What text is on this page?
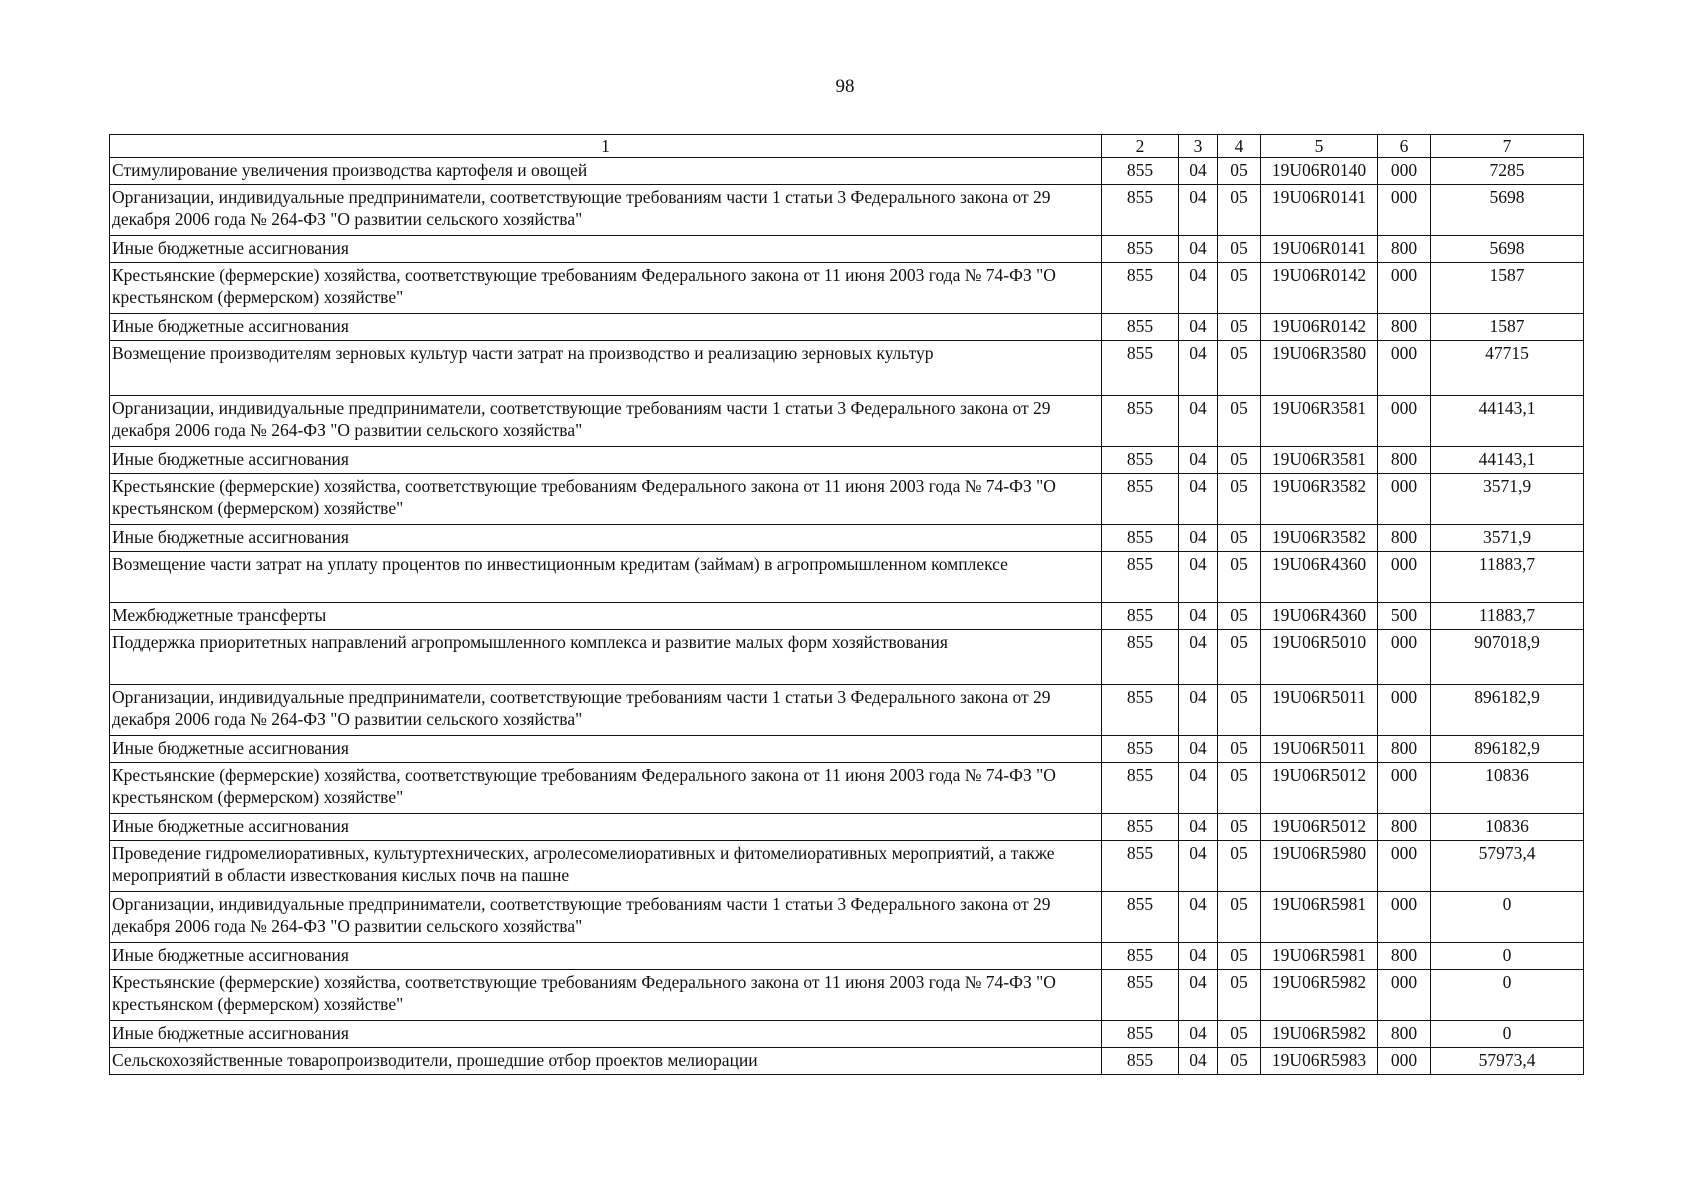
98
1	2	3	4	5	6	7
Стимулирование увеличения производства картофеля и овощей	855	04	05	19U06R0140	000	7285
Организации, индивидуальные предприниматели, соответствующие требованиям части 1 статьи 3 Федерального закона от 29 декабря 2006 года № 264-ФЗ "О развитии сельского хозяйства"	855	04	05	19U06R0141	000	5698
Иные бюджетные ассигнования	855	04	05	19U06R0141	800	5698
Крестьянские (фермерские) хозяйства, соответствующие требованиям Федерального закона от 11 июня 2003 года № 74-ФЗ "О крестьянском (фермерском) хозяйстве"	855	04	05	19U06R0142	000	1587
Иные бюджетные ассигнования	855	04	05	19U06R0142	800	1587
Возмещение производителям зерновых культур части затрат на производство и реализацию зерновых культур	855	04	05	19U06R3580	000	47715
Организации, индивидуальные предприниматели, соответствующие требованиям части 1 статьи 3 Федерального закона от 29 декабря 2006 года № 264-ФЗ "О развитии сельского хозяйства"	855	04	05	19U06R3581	000	44143,1
Иные бюджетные ассигнования	855	04	05	19U06R3581	800	44143,1
Крестьянские (фермерские) хозяйства, соответствующие требованиям Федерального закона от 11 июня 2003 года № 74-ФЗ "О крестьянском (фермерском) хозяйстве"	855	04	05	19U06R3582	000	3571,9
Иные бюджетные ассигнования	855	04	05	19U06R3582	800	3571,9
Возмещение части затрат на уплату процентов по инвестиционным кредитам (займам) в агропромышленном комплексе	855	04	05	19U06R4360	000	11883,7
Межбюджетные трансферты	855	04	05	19U06R4360	500	11883,7
Поддержка приоритетных направлений агропромышленного комплекса и развитие малых форм хозяйствования	855	04	05	19U06R5010	000	907018,9
Организации, индивидуальные предприниматели, соответствующие требованиям части 1 статьи 3 Федерального закона от 29 декабря 2006 года № 264-ФЗ "О развитии сельского хозяйства"	855	04	05	19U06R5011	000	896182,9
Иные бюджетные ассигнования	855	04	05	19U06R5011	800	896182,9
Крестьянские (фермерские) хозяйства, соответствующие требованиям Федерального закона от 11 июня 2003 года № 74-ФЗ "О крестьянском (фермерском) хозяйстве"	855	04	05	19U06R5012	000	10836
Иные бюджетные ассигнования	855	04	05	19U06R5012	800	10836
Проведение гидромелиоративных, культуртехнических, агролесомелиоративных и фитомелиоративных мероприятий, а также мероприятий в области известкования кислых почв на пашне	855	04	05	19U06R5980	000	57973,4
Организации, индивидуальные предприниматели, соответствующие требованиям части 1 статьи 3 Федерального закона от 29 декабря 2006 года № 264-ФЗ "О развитии сельского хозяйства"	855	04	05	19U06R5981	000	0
Иные бюджетные ассигнования	855	04	05	19U06R5981	800	0
Крестьянские (фермерские) хозяйства, соответствующие требованиям Федерального закона от 11 июня 2003 года № 74-ФЗ "О крестьянском (фермерском) хозяйстве"	855	04	05	19U06R5982	000	0
Иные бюджетные ассигнования	855	04	05	19U06R5982	800	0
Сельскохозяйственные товаропроизводители, прошедшие отбор проектов мелиорации	855	04	05	19U06R5983	000	57973,4
